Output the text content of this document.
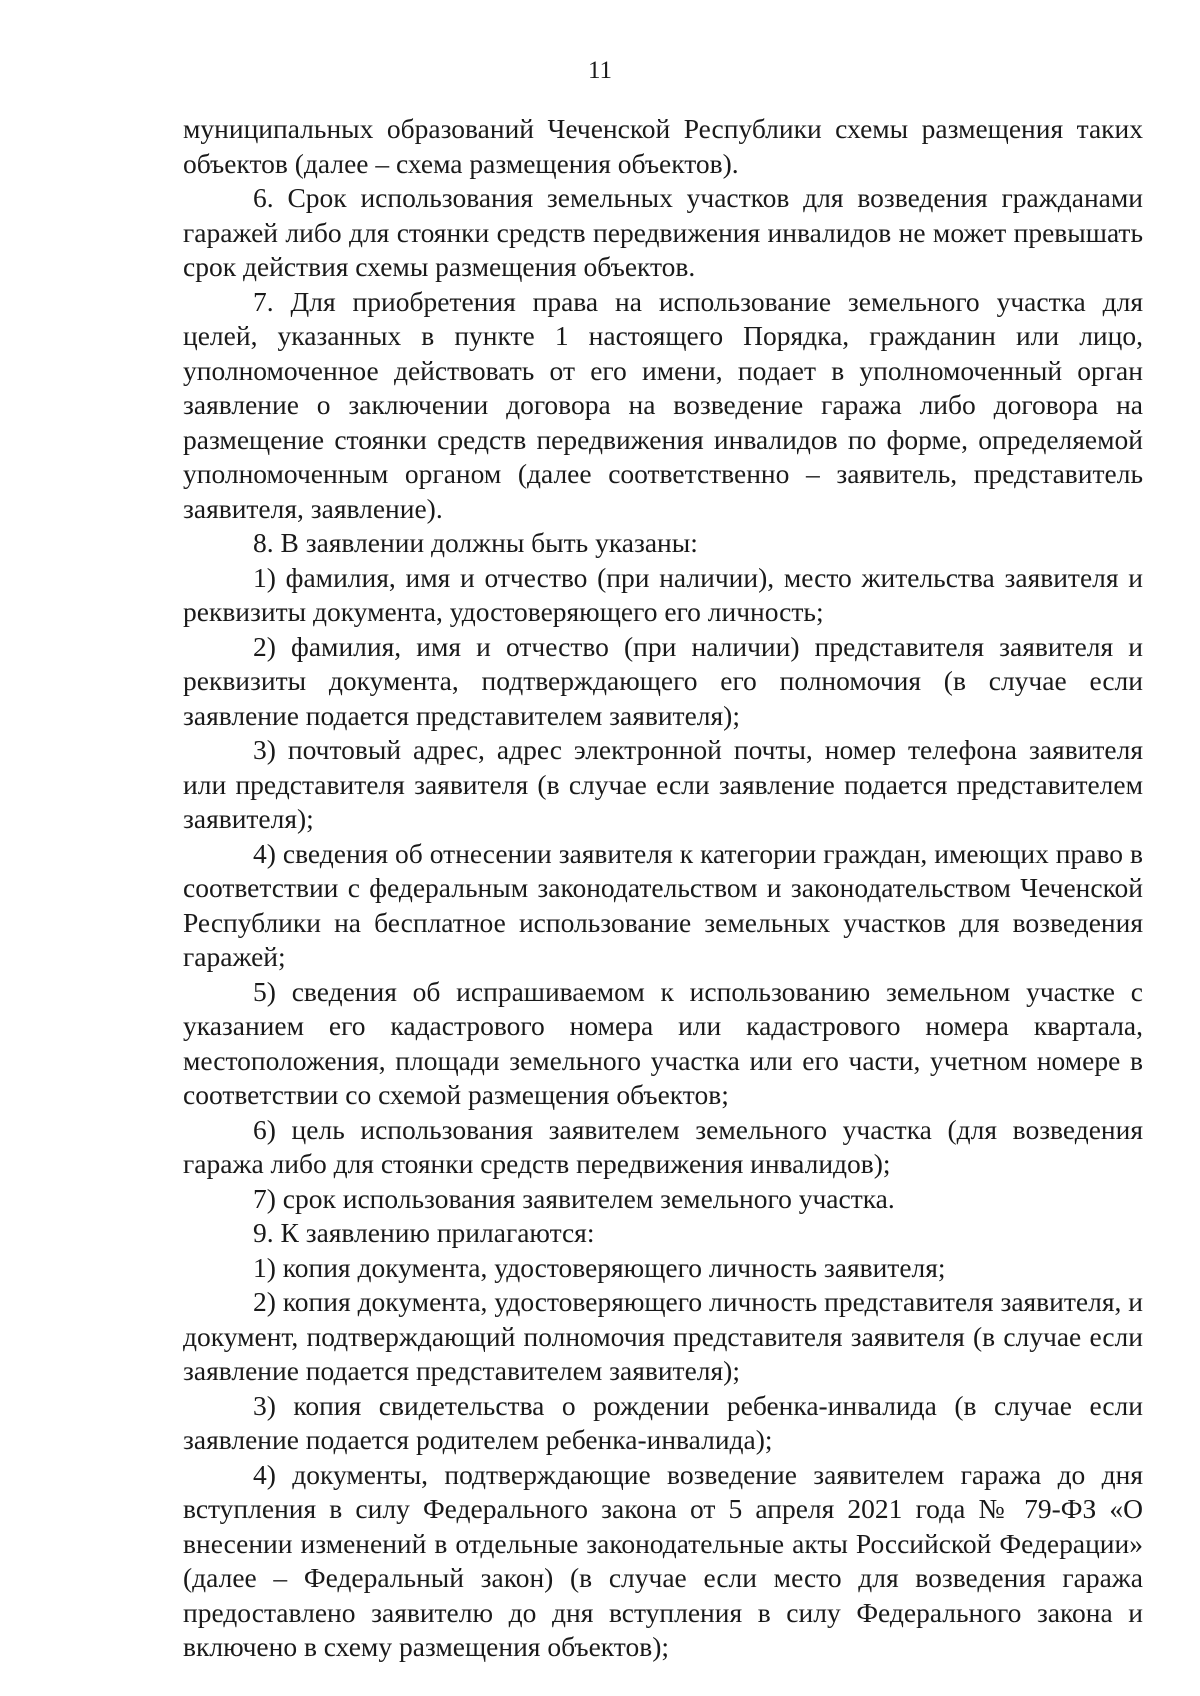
11

муниципальных образований Чеченской Республики схемы размещения таких объектов (далее – схема размещения объектов).

6. Срок использования земельных участков для возведения гражданами гаражей либо для стоянки средств передвижения инвалидов не может превышать срок действия схемы размещения объектов.

7. Для приобретения права на использование земельного участка для целей, указанных в пункте 1 настоящего Порядка, гражданин или лицо, уполномоченное действовать от его имени, подает в уполномоченный орган заявление о заключении договора на возведение гаража либо договора на размещение стоянки средств передвижения инвалидов по форме, определяемой уполномоченным органом (далее соответственно – заявитель, представитель заявителя, заявление).

8. В заявлении должны быть указаны:

1) фамилия, имя и отчество (при наличии), место жительства заявителя и реквизиты документа, удостоверяющего его личность;

2) фамилия, имя и отчество (при наличии) представителя заявителя и реквизиты документа, подтверждающего его полномочия (в случае если заявление подается представителем заявителя);

3) почтовый адрес, адрес электронной почты, номер телефона заявителя или представителя заявителя (в случае если заявление подается представителем заявителя);

4) сведения об отнесении заявителя к категории граждан, имеющих право в соответствии с федеральным законодательством и законодательством Чеченской Республики на бесплатное использование земельных участков для возведения гаражей;

5) сведения об испрашиваемом к использованию земельном участке с указанием его кадастрового номера или кадастрового номера квартала, местоположения, площади земельного участка или его части, учетном номере в соответствии со схемой размещения объектов;

6) цель использования заявителем земельного участка (для возведения гаража либо для стоянки средств передвижения инвалидов);

7) срок использования заявителем земельного участка.

9. К заявлению прилагаются:

1) копия документа, удостоверяющего личность заявителя;

2) копия документа, удостоверяющего личность представителя заявителя, и документ, подтверждающий полномочия представителя заявителя (в случае если заявление подается представителем заявителя);

3) копия свидетельства о рождении ребенка-инвалида (в случае если заявление подается родителем ребенка-инвалида);

4) документы, подтверждающие возведение заявителем гаража до дня вступления в силу Федерального закона от 5 апреля 2021 года № 79-ФЗ «О внесении изменений в отдельные законодательные акты Российской Федерации» (далее – Федеральный закон) (в случае если место для возведения гаража предоставлено заявителю до дня вступления в силу Федерального закона и включено в схему размещения объектов);
